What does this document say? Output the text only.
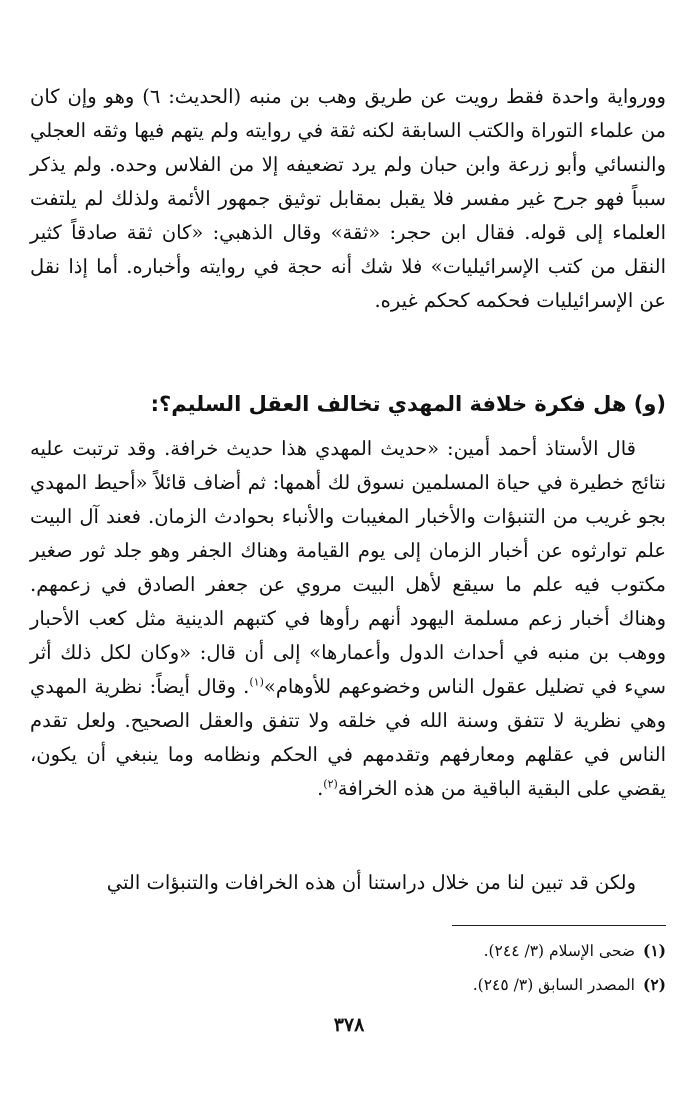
وورواية واحدة فقط رويت عن طريق وهب بن منبه (الحديث: ٦) وهو وإن كان من علماء التوراة والكتب السابقة لكنه ثقة في روايته ولم يتهم فيها وثقه العجلي والنسائي وأبو زرعة وابن حبان ولم يرد تضعيفه إلا من الفلاس وحده. ولم يذكر سبباً فهو جرح غير مفسر فلا يقبل بمقابل توثيق جمهور الأئمة ولذلك لم يلتفت العلماء إلى قوله. فقال ابن حجر: «ثقة» وقال الذهبي: «كان ثقة صادقاً كثير النقل من كتب الإسرائيليات» فلا شك أنه حجة في روايته وأخباره. أما إذا نقل عن الإسرائيليات فحكمه كحكم غيره.
(و) هل فكرة خلافة المهدي تخالف العقل السليم؟:
قال الأستاذ أحمد أمين: «حديث المهدي هذا حديث خرافة. وقد ترتبت عليه نتائج خطيرة في حياة المسلمين نسوق لك أهمها: ثم أضاف قائلاً «أحيط المهدي بجو غريب من التنبؤات والأخبار المغيبات والأنباء بحوادث الزمان. فعند آل البيت علم توارثوه عن أخبار الزمان إلى يوم القيامة وهناك الجفر وهو جلد ثور صغير مكتوب فيه علم ما سيقع لأهل البيت مروي عن جعفر الصادق في زعمهم. وهناك أخبار زعم مسلمة اليهود أنهم رأوها في كتبهم الدينية مثل كعب الأحبار ووهب بن منبه في أحداث الدول وأعمارها» إلى أن قال: «وكان لكل ذلك أثر سيء في تضليل عقول الناس وخضوعهم للأوهام»$^{(١)}$. وقال أيضاً: نظرية المهدي وهي نظرية لا تتفق وسنة الله في خلقه ولا تتفق والعقل الصحيح. ولعل تقدم الناس في عقلهم ومعارفهم وتقدمهم في الحكم ونظامه وما ينبغي أن يكون، يقضي على البقية الباقية من هذه الخرافة$^{(٢)}$.
ولكن قد تبين لنا من خلال دراستنا أن هذه الخرافات والتنبؤات التي
(١)ضحى الإسلام (٣/ ٢٤٤).
(٢)المصدر السابق (٣/ ٢٤٥).
٣٧٨
